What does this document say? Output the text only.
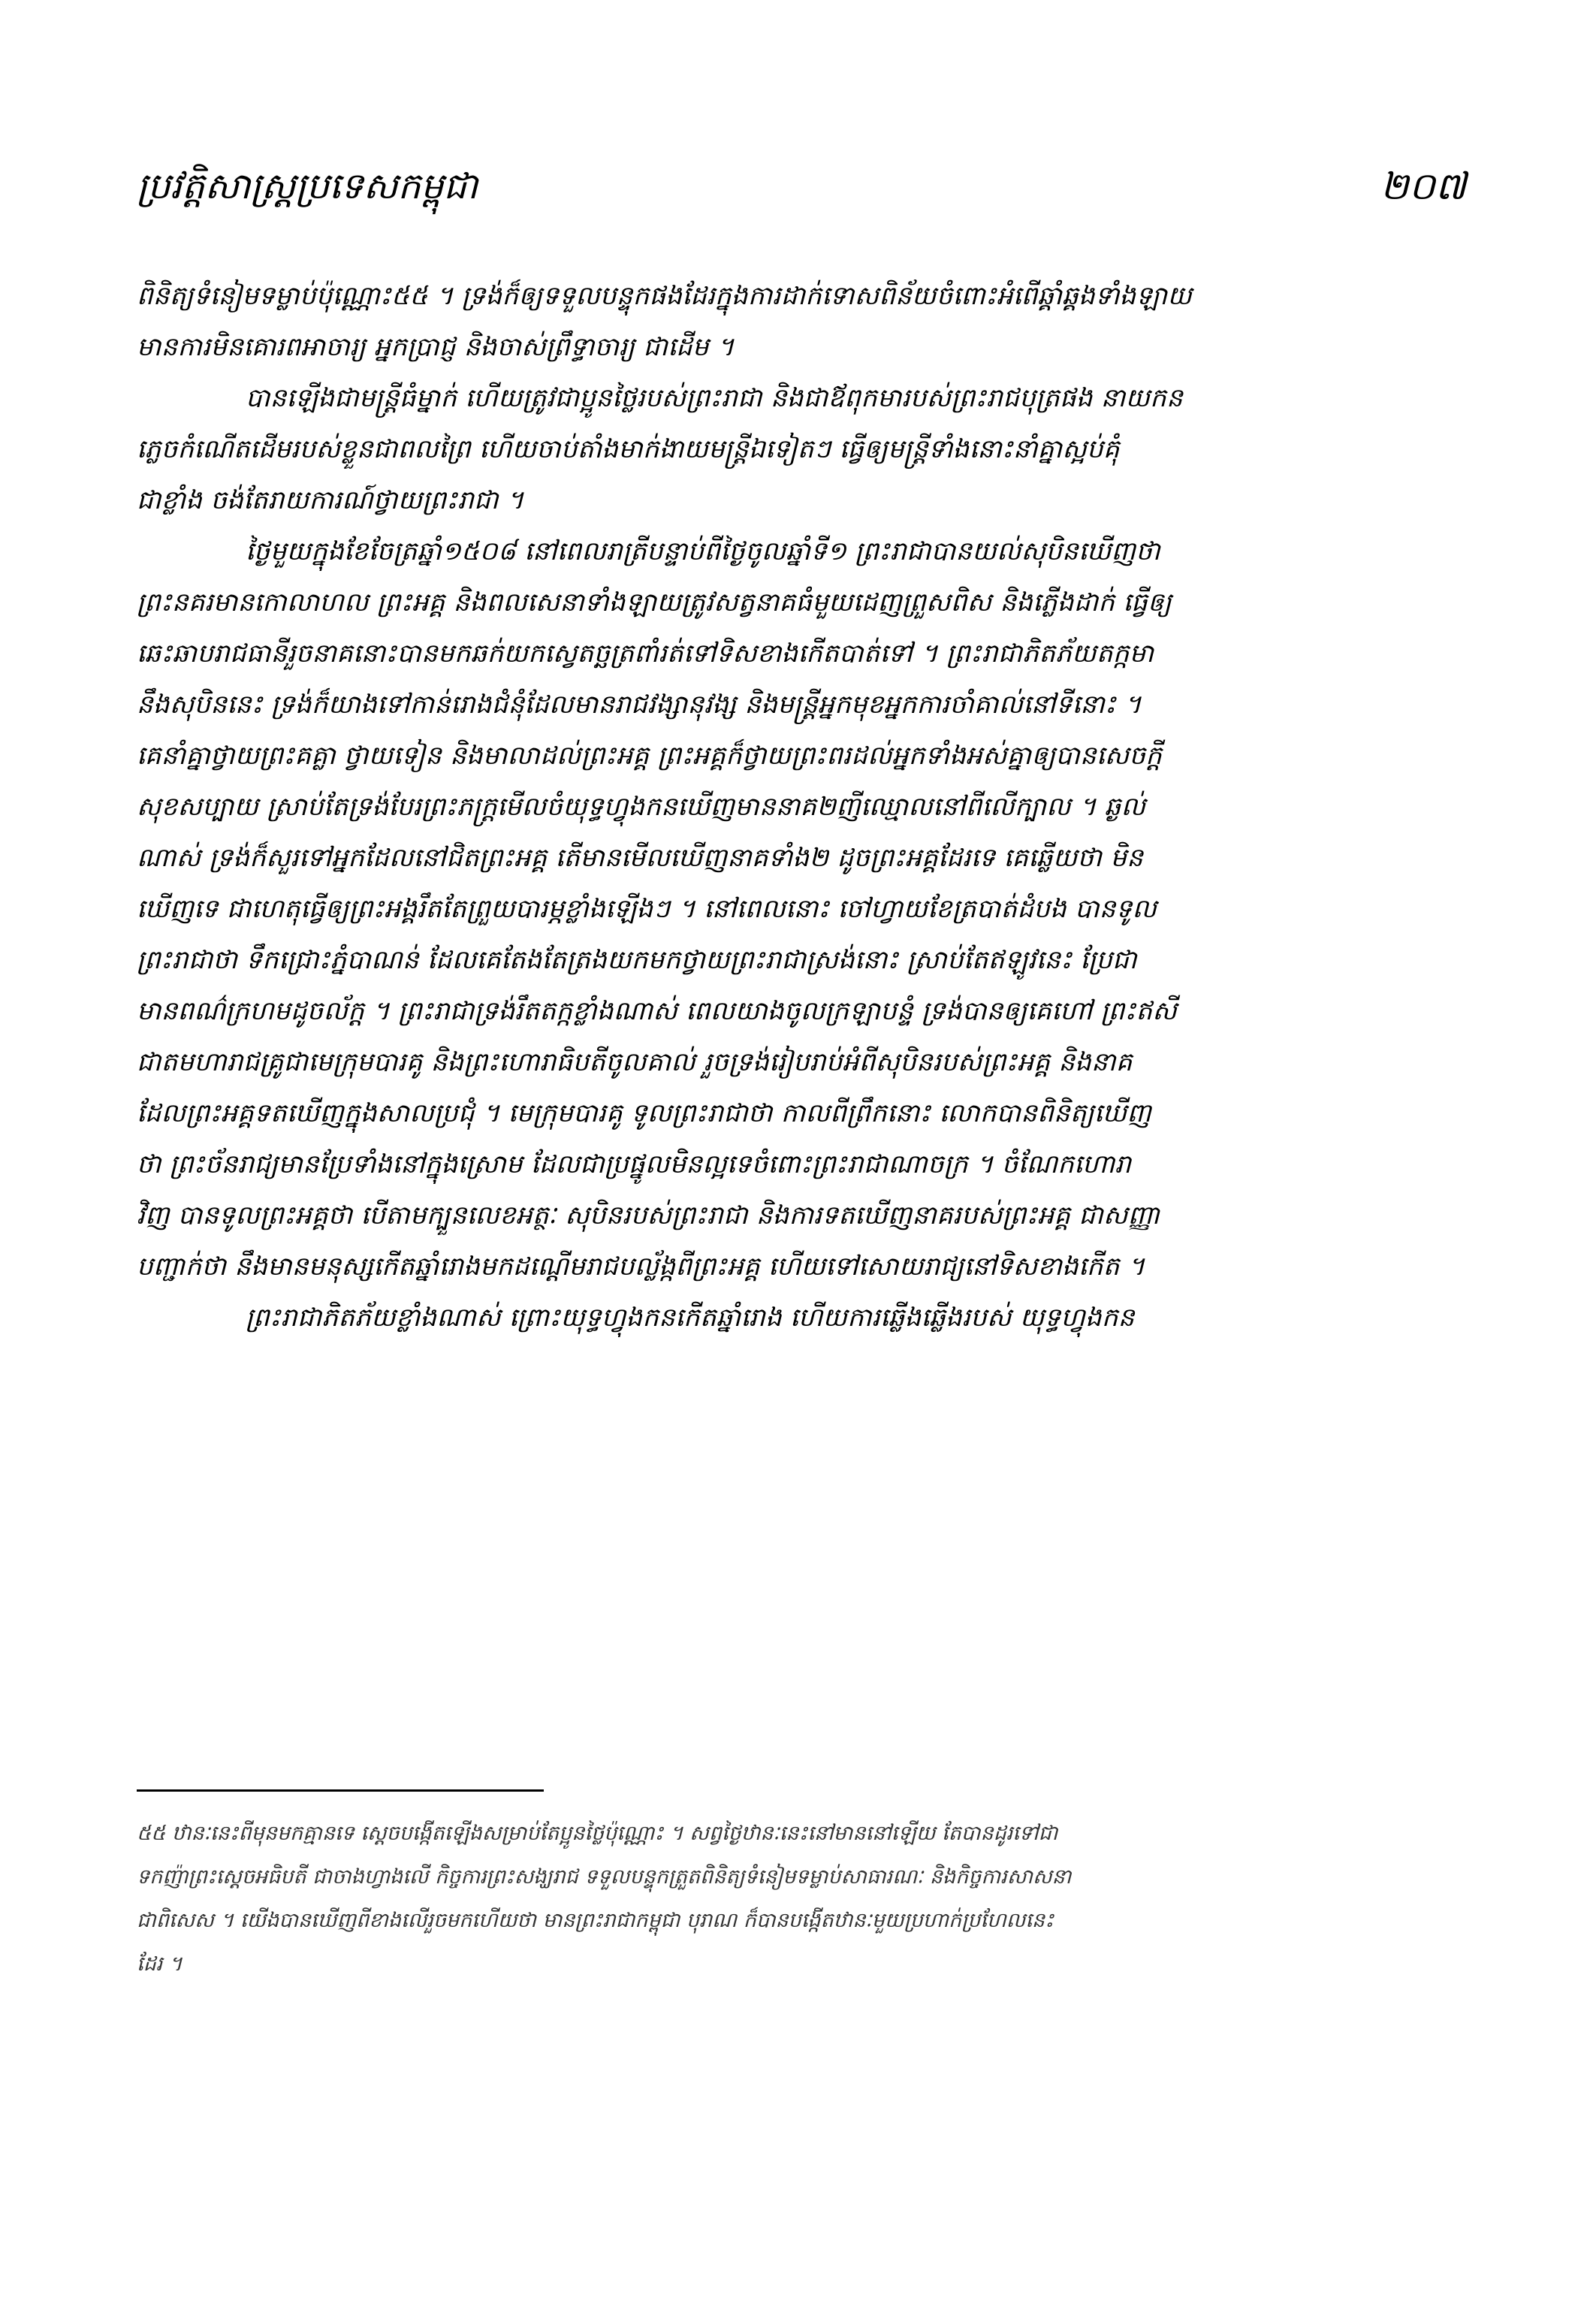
ប្រវត្តិសាស្ត្រប្រទេសកម្ពុជា	២០៧
ពិនិត្យទំនៀមទម្លាប់ប៉ុណ្ណោះ៥៥ ។ ទ្រង់ក៏ឲ្យទទួលបន្ទុកផងដែរក្នុងការដាក់ទោសពិន័យចំពោះអំពើឆ្គាំឆ្គងទាំងឡាយ
មានការមិនគោរពអាចារ្យ អ្នកប្រាជ្ញ និងចាស់ព្រឹទ្ធាចារ្យ ជាដើម ។
បានឡើងជាមន្ត្រីធំម្នាក់ ហើយត្រូវជាប្អូនថ្លៃរបស់ព្រះរាជា និងជាឪពុកមារបស់ព្រះរាជបុត្រផង នាយកន
ភ្លេចកំណើតដើមរបស់ខ្លួនជាពលព្រៃ ហើយចាប់តាំងមាក់ងាយមន្ត្រីឯទៀតៗ ធ្វើឲ្យមន្ត្រីទាំងនោះនាំគ្នាស្អប់គុំ
ជាខ្លាំង ចង់តែរាយការណ៍ថ្វាយព្រះរាជា ។
ថ្ងៃមួយក្នុងខែចែត្រឆ្នាំ១៥០៨ នៅពេលរាត្រីបន្ទាប់ពីថ្ងៃចូលឆ្នាំទី១ ព្រះរាជាបានយល់សុបិនឃើញថា
ព្រះនគរមានកោលាហល ព្រះអគ្គ និងពលសេនាទាំងឡាយត្រូវសត្វនាគធំមួយដេញព្រួសពិស និងភ្លើងដាក់ ធ្វើឲ្យ
ឆេះឆាបរាជធានីរួចនាគនោះបានមកឆក់យកស្វេតច្ឆត្រពាំរត់ទៅទិសខាងកើតបាត់ទៅ ។ ព្រះរាជាភិតភ័យតក្កមា
នឹងសុបិននេះ ទ្រង់ក៏យាងទៅកាន់រោងជំនុំដែលមានរាជវង្សានុវង្ស និងមន្ត្រីអ្នកមុខអ្នកការចាំគាល់នៅទីនោះ ។
គេនាំគ្នាថ្វាយព្រះគគ្លា ថ្វាយទៀន និងមាលាដល់ព្រះអគ្គ ព្រះអគ្គក៏ថ្វាយព្រះពរដល់អ្នកទាំងអស់គ្នាឲ្យបានសេចក្តី
សុខសប្បាយ ស្រាប់តែទ្រង់បែរព្រះភក្ត្រមើលចំយុទ្ធហ្វុងកនឃើញមាននាគ២ញីឈ្មោលនៅពីលើក្បាល ។ ឆ្ងល់
ណាស់ ទ្រង់ក៏សួរទៅអ្នកដែលនៅជិតព្រះអគ្គ តើមានមើលឃើញនាគទាំង២ ដូចព្រះអគ្គដែរទេ គេឆ្លើយថា មិន
ឃើញទេ ជាហេតុធ្វើឲ្យព្រះអង្គរឹតតែព្រួយបារម្ភខ្លាំងឡើងៗ ។ នៅពេលនោះ ចៅហ្វាយខែត្របាត់ដំបង បានទូល
ព្រះរាជាថា ទឹកជ្រោះភ្នំបាណន់ ដែលគេតែងតែត្រងយកមកថ្វាយព្រះរាជាស្រង់នោះ ស្រាប់តែឥឡូវនេះ ប្រែជា
មានពណ៌ក្រហមដូចល័ក្ត ។ ព្រះរាជាទ្រង់រឹតតក្កខ្លាំងណាស់ ពេលយាងចូលក្រឡាបន្ទំ ទ្រង់បានឲ្យគេហៅ ព្រះឥសី
ជាតមហារាជគ្រូជាមេក្រុមបារគូ និងព្រះហោរាធិបតីចូលគាល់ រួចទ្រង់រៀបរាប់អំពីសុបិនរបស់ព្រះអគ្គ និងនាគ
ដែលព្រះអគ្គទតឃើញក្នុងសាលប្រជុំ ។ មេក្រុមបារគូ ទូលព្រះរាជាថា កាលពីព្រឹកនោះ លោកបានពិនិត្យឃើញ
ថា ព្រះច័នរាជ្យមានប្រែទាំងនៅក្នុងស្រោម ដែលជាប្រផ្នូលមិនល្អទេចំពោះព្រះរាជាណាចក្រ ។ ចំណែកហោរា
វិញ បានទូលព្រះអគ្គថា បើតាមក្បួនលេខអត្ថៈ សុបិនរបស់ព្រះរាជា និងការទតឃើញនាគរបស់ព្រះអគ្គ ជាសញ្ញា
បញ្ជាក់ថា នឹងមានមនុស្សកើតឆ្នាំរោងមកដណ្តើមរាជបល្ល័ង្កពីព្រះអគ្គ ហើយទៅសោយរាជ្យនៅទិសខាងកើត ។
ព្រះរាជាភិតភ័យខ្លាំងណាស់ ព្រោះយុទ្ធហ្វុងកនកើតឆ្នាំរោង ហើយការឆ្លើងឆ្លើងរបស់ យុទ្ធហ្វុងកន
៥៥ ឋានៈនេះពីមុនមកគ្មានទេ ស្ដេចបង្កើតឡើងសម្រាប់តែប្អូនថ្លៃប៉ុណ្ណោះ ។ សព្វថ្ងៃឋានៈនេះនៅមាននៅឡើយ តែបានដូរទៅជា
ទកញ៉ាព្រះស្ដេចអធិបតី ជាចាងហ្វាងលើ កិច្ចការព្រះសង្ឃរាជ ទទួលបន្ទុកត្រួតពិនិត្យទំនៀមទម្លាប់សាធារណៈ និងកិច្ចការសាសនា
ជាពិសេស ។ យើងបានឃើញពីខាងលើរួចមកហើយថា មានព្រះរាជាកម្ពុជា បុរាណ ក៏បានបង្កើតឋានៈមួយប្រហាក់ប្រហែលនេះ
ដែរ ។
